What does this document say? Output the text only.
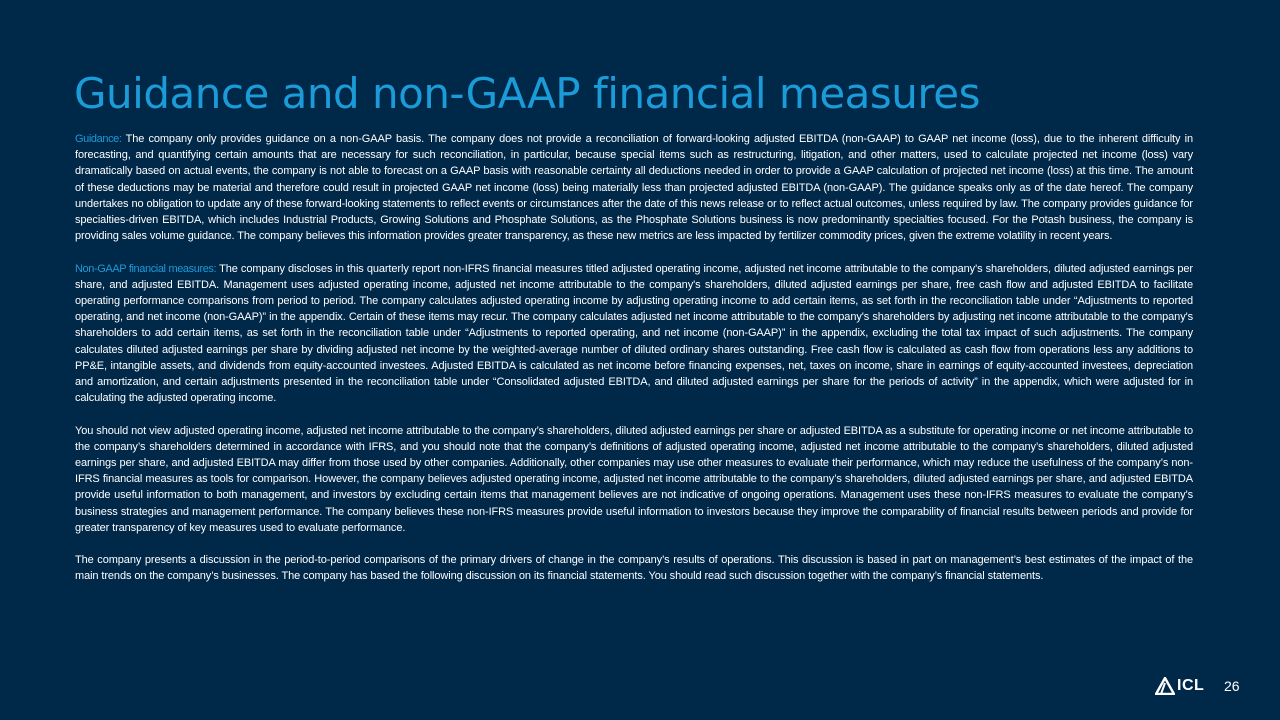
Guidance and non-GAAP financial measures

Guidance: The company only provides guidance on a non-GAAP basis. The company does not provide a reconciliation of forward-looking adjusted EBITDA (non-GAAP) to GAAP net income (loss), due to the inherent difficulty in forecasting, and quantifying certain amounts that are necessary for such reconciliation, in particular, because special items such as restructuring, litigation, and other matters, used to calculate projected net income (loss) vary dramatically based on actual events, the company is not able to forecast on a GAAP basis with reasonable certainty all deductions needed in order to provide a GAAP calculation of projected net income (loss) at this time. The amount of these deductions may be material and therefore could result in projected GAAP net income (loss) being materially less than projected adjusted EBITDA (non-GAAP). The guidance speaks only as of the date hereof. The company undertakes no obligation to update any of these forward-looking statements to reflect events or circumstances after the date of this news release or to reflect actual outcomes, unless required by law. The company provides guidance for specialties-driven EBITDA, which includes Industrial Products, Growing Solutions and Phosphate Solutions, as the Phosphate Solutions business is now predominantly specialties focused. For the Potash business, the company is providing sales volume guidance. The company believes this information provides greater transparency, as these new metrics are less impacted by fertilizer commodity prices, given the extreme volatility in recent years.

Non-GAAP financial measures: The company discloses in this quarterly report non-IFRS financial measures titled adjusted operating income, adjusted net income attributable to the company's shareholders, diluted adjusted earnings per share, and adjusted EBITDA. Management uses adjusted operating income, adjusted net income attributable to the company's shareholders, diluted adjusted earnings per share, free cash flow and adjusted EBITDA to facilitate operating performance comparisons from period to period. The company calculates adjusted operating income by adjusting operating income to add certain items, as set forth in the reconciliation table under “Adjustments to reported operating, and net income (non-GAAP)” in the appendix. Certain of these items may recur. The company calculates adjusted net income attributable to the company's shareholders by adjusting net income attributable to the company's shareholders to add certain items, as set forth in the reconciliation table under “Adjustments to reported operating, and net income (non-GAAP)” in the appendix, excluding the total tax impact of such adjustments. The company calculates diluted adjusted earnings per share by dividing adjusted net income by the weighted-average number of diluted ordinary shares outstanding. Free cash flow is calculated as cash flow from operations less any additions to PP&E, intangible assets, and dividends from equity-accounted investees. Adjusted EBITDA is calculated as net income before financing expenses, net, taxes on income, share in earnings of equity-accounted investees, depreciation and amortization, and certain adjustments presented in the reconciliation table under “Consolidated adjusted EBITDA, and diluted adjusted earnings per share for the periods of activity” in the appendix, which were adjusted for in calculating the adjusted operating income.

You should not view adjusted operating income, adjusted net income attributable to the company’s shareholders, diluted adjusted earnings per share or adjusted EBITDA as a substitute for operating income or net income attributable to the company’s shareholders determined in accordance with IFRS, and you should note that the company’s definitions of adjusted operating income, adjusted net income attributable to the company’s shareholders, diluted adjusted earnings per share, and adjusted EBITDA may differ from those used by other companies. Additionally, other companies may use other measures to evaluate their performance, which may reduce the usefulness of the company’s non-IFRS financial measures as tools for comparison. However, the company believes adjusted operating income, adjusted net income attributable to the company’s shareholders, diluted adjusted earnings per share, and adjusted EBITDA provide useful information to both management, and investors by excluding certain items that management believes are not indicative of ongoing operations. Management uses these non-IFRS measures to evaluate the company's business strategies and management performance. The company believes these non-IFRS measures provide useful information to investors because they improve the comparability of financial results between periods and provide for greater transparency of key measures used to evaluate performance.

The company presents a discussion in the period-to-period comparisons of the primary drivers of change in the company’s results of operations. This discussion is based in part on management’s best estimates of the impact of the main trends on the company’s businesses. The company has based the following discussion on its financial statements. You should read such discussion together with the company’s financial statements.

ICL 26
